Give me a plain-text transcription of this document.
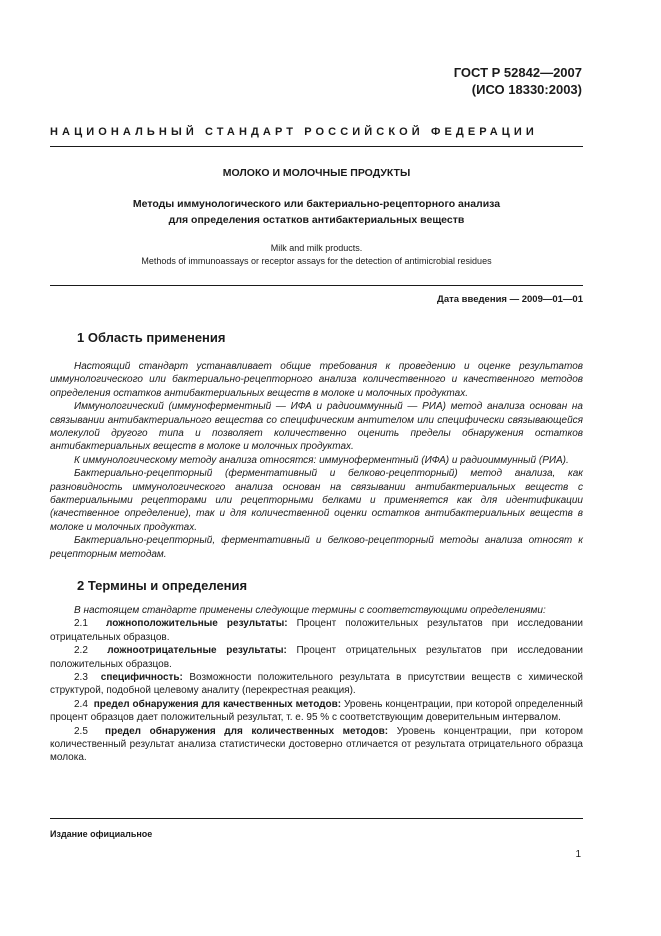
ГОСТ Р 52842—2007
(ИСО 18330:2003)
НАЦИОНАЛЬНЫЙ СТАНДАРТ РОССИЙСКОЙ ФЕДЕРАЦИИ
МОЛОКО И МОЛОЧНЫЕ ПРОДУКТЫ
Методы иммунологического или бактериально-рецепторного анализа
для определения остатков антибактериальных веществ
Milk and milk products.
Methods of immunoassays or receptor assays for the detection of antimicrobial residues
Дата введения — 2009—01—01
1 Область применения

Настоящий стандарт устанавливает общие требования к проведению и оценке результатов иммунологического или бактериально-рецепторного анализа количественного и качественного методов определения остатков антибактериальных веществ в молоке и молочных продуктах.

Иммунологический (иммуноферментный — ИФА и радиоиммунный — РИА) метод анализа основан на связывании антибактериального вещества со специфическим антителом или специфически связывающейся молекулой другого типа и позволяет количественно оценить пределы обнаружения остатков антибактериальных веществ в молоке и молочных продуктах.

К иммунологическому методу анализа относятся: иммуноферментный (ИФА) и радиоиммунный (РИА).

Бактериально-рецепторный (ферментативный и белково-рецепторный) метод анализа, как разновидность иммунологического анализа основан на связывании антибактериальных веществ с бактериальными рецепторами или рецепторными белками и применяется как для идентификации (качественное определение), так и для количественной оценки остатков антибактериальных веществ в молоке и молочных продуктах.

Бактериально-рецепторный, ферментативный и белково-рецепторный методы анализа относят к рецепторным методам.

2 Термины и определения

В настоящем стандарте применены следующие термины с соответствующими определениями:

2.1 ложноположительные результаты: Процент положительных результатов при исследовании отрицательных образцов.

2.2 ложноотрицательные результаты: Процент отрицательных результатов при исследовании положительных образцов.

2.3 специфичность: Возможности положительного результата в присутствии веществ с химической структурой, подобной целевому аналиту (перекрестная реакция).

2.4 предел обнаружения для качественных методов: Уровень концентрации, при которой определенный процент образцов дает положительный результат, т. е. 95 % с соответствующим доверительным интервалом.

2.5 предел обнаружения для количественных методов: Уровень концентрации, при котором количественный результат анализа статистически достоверно отличается от результата отрицательного образца молока.

Издание официальное
1
